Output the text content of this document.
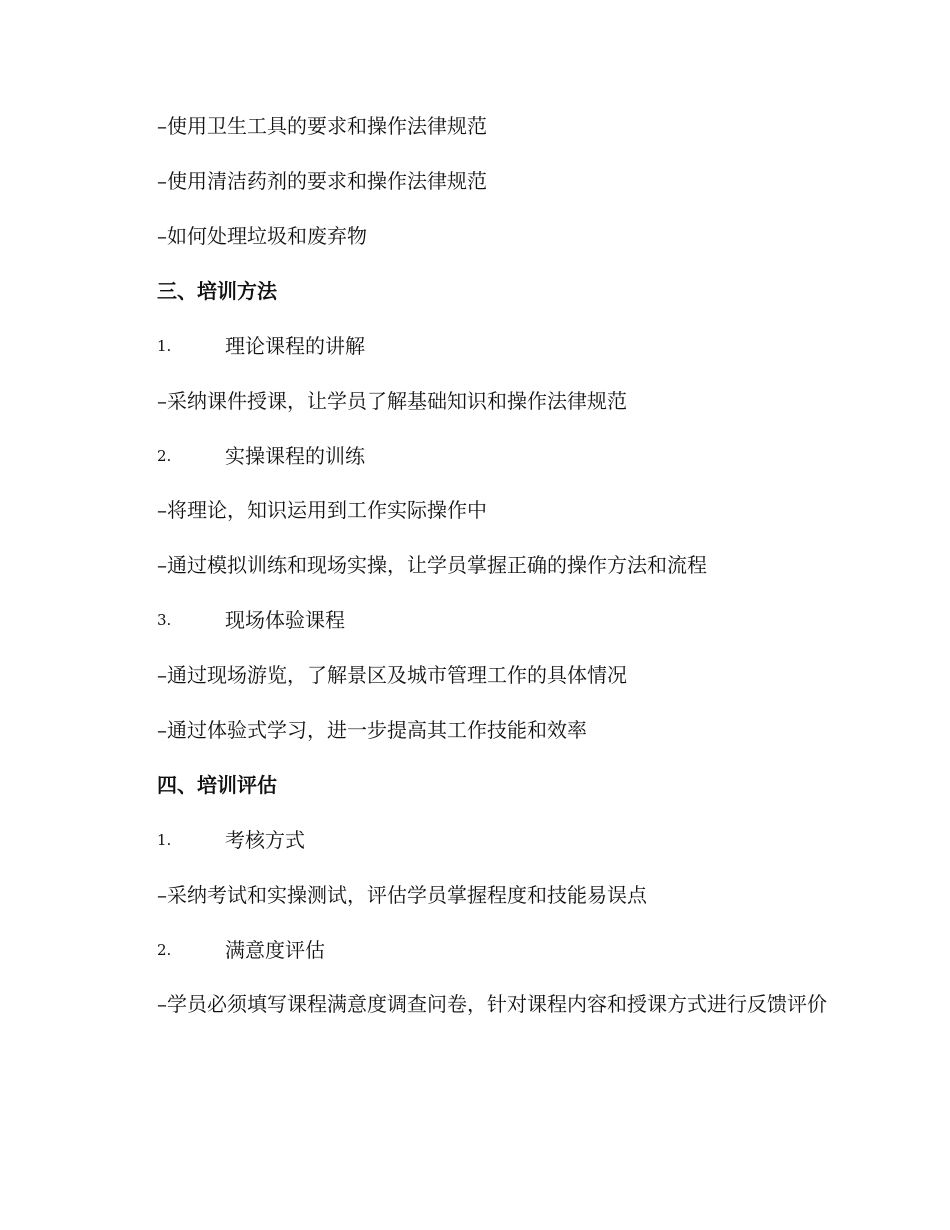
–使用卫生工具的要求和操作法律规范
–使用清洁药剂的要求和操作法律规范
–如何处理垃圾和废弃物
三、培训方法
1.	理论课程的讲解
–采纳课件授课，让学员了解基础知识和操作法律规范
2.	实操课程的训练
–将理论，知识运用到工作实际操作中
–通过模拟训练和现场实操，让学员掌握正确的操作方法和流程
3.	现场体验课程
–通过现场游览，了解景区及城市管理工作的具体情况
–通过体验式学习，进一步提高其工作技能和效率
四、培训评估
1.	考核方式
–采纳考试和实操测试，评估学员掌握程度和技能易误点
2.	满意度评估
–学员必须填写课程满意度调查问卷，针对课程内容和授课方式进行反馈评价
